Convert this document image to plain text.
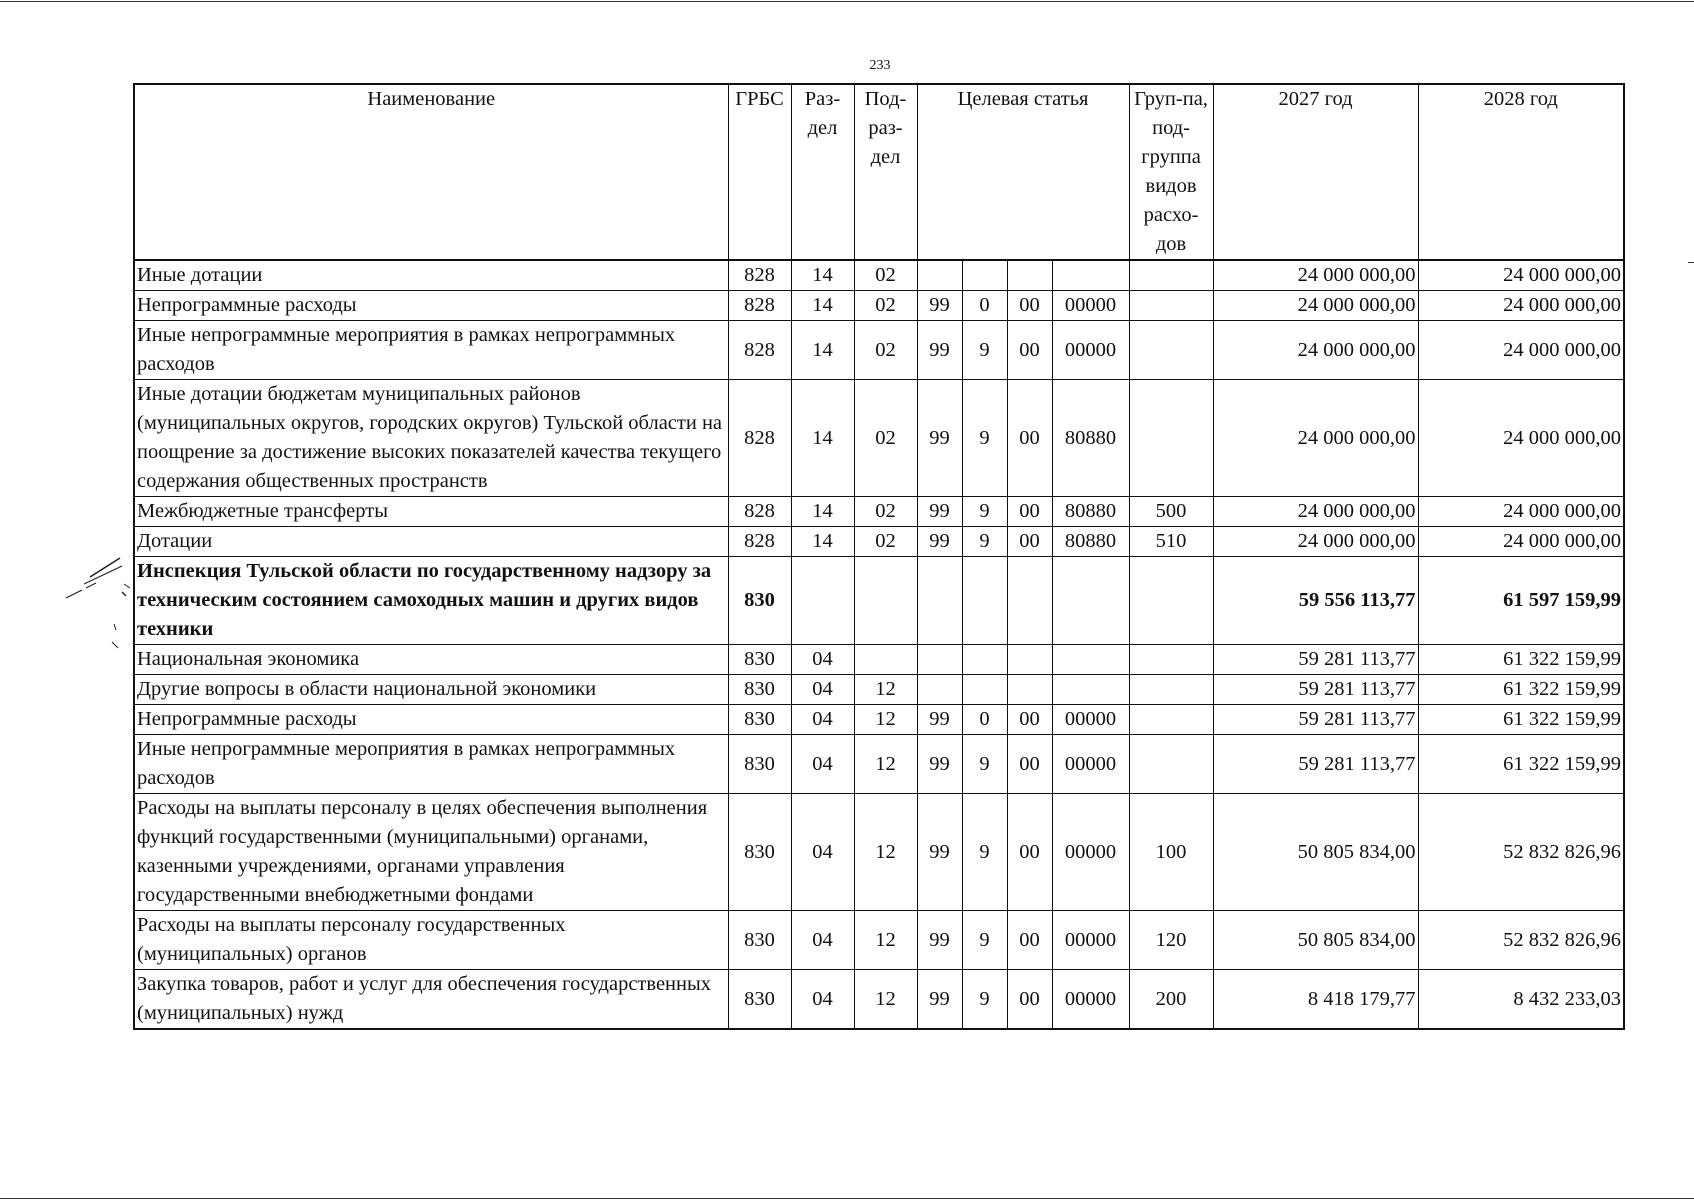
233
Наименование	ГРБС	Раз-дел	Под-раз-дел	Целевая статья				Груп-па, под-группа видов расхо-дов	2027 год	2028 год
Иные дотации	828	14	02						24 000 000,00	24 000 000,00
Непрограммные расходы	828	14	02	99	0	00	00000		24 000 000,00	24 000 000,00
Иные непрограммные мероприятия в рамках непрограммных расходов	828	14	02	99	9	00	00000		24 000 000,00	24 000 000,00
Иные дотации бюджетам муниципальных районов (муниципальных округов, городских округов) Тульской области на поощрение за достижение высоких показателей качества текущего содержания общественных пространств	828	14	02	99	9	00	80880		24 000 000,00	24 000 000,00
Межбюджетные трансферты	828	14	02	99	9	00	80880	500	24 000 000,00	24 000 000,00
Дотации	828	14	02	99	9	00	80880	510	24 000 000,00	24 000 000,00
Инспекция Тульской области по государственному надзору за техническим состоянием самоходных машин и других видов техники	830								59 556 113,77	61 597 159,99
Национальная экономика	830	04							59 281 113,77	61 322 159,99
Другие вопросы в области национальной экономики	830	04	12						59 281 113,77	61 322 159,99
Непрограммные расходы	830	04	12	99	0	00	00000		59 281 113,77	61 322 159,99
Иные непрограммные мероприятия в рамках непрограммных расходов	830	04	12	99	9	00	00000		59 281 113,77	61 322 159,99
Расходы на выплаты персоналу в целях обеспечения выполнения функций государственными (муниципальными) органами, казенными учреждениями, органами управления государственными внебюджетными фондами	830	04	12	99	9	00	00000	100	50 805 834,00	52 832 826,96
Расходы на выплаты персоналу государственных (муниципальных) органов	830	04	12	99	9	00	00000	120	50 805 834,00	52 832 826,96
Закупка товаров, работ и услуг для обеспечения государственных (муниципальных) нужд	830	04	12	99	9	00	00000	200	8 418 179,77	8 432 233,03
